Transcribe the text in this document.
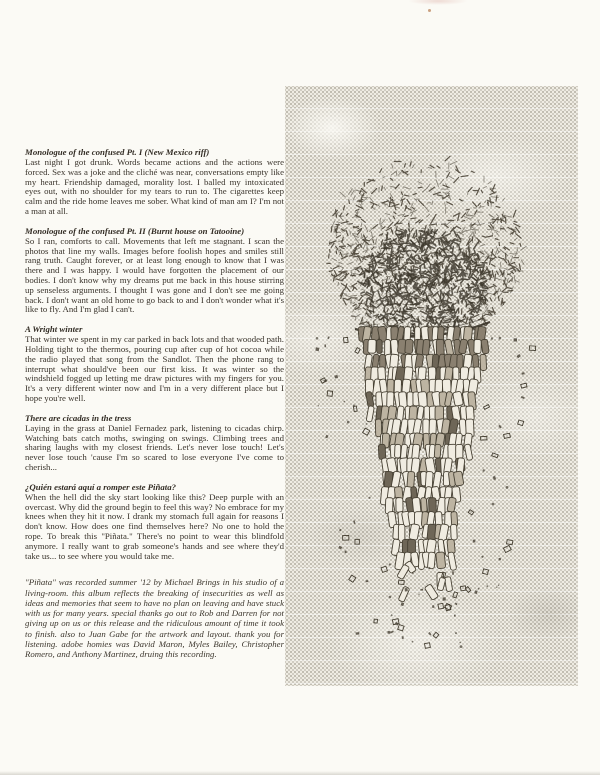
Monologue of the confused Pt. I (New Mexico riff)

Last night I got drunk. Words became actions and the actions were forced. Sex was a joke and the cliché was near, conversations empty like my heart. Friendship damaged, morality lost. I balled my intoxicated eyes out, with no shoulder for my tears to run to. The cigarettes keep calm and the ride home leaves me sober. What kind of man am I? I'm not a man at all.

Monologue of the confused Pt. II (Burnt house on Tatooine)

So I ran, comforts to call. Movements that left me stagnant. I scan the photos that line my walls. Images before foolish hopes and smiles still rang truth. Caught forever, or at least long enough to know that I was there and I was happy. I would have forgotten the placement of our bodies. I don't know why my dreams put me back in this house stirring up senseless arguments. I thought I was gone and I don't see me going back. I don't want an old home to go back to and I don't wonder what it's like to fly. And I'm glad I can't.

A Wright winter

That winter we spent in my car parked in back lots and that wooded path. Holding tight to the thermos, pouring cup after cup of hot cocoa while the radio played that song from the Sandlot. Then the phone rang to interrupt what should've been our first kiss. It was winter so the windshield fogged up letting me draw pictures with my fingers for you. It's a very different winter now and I'm in a very different place but I hope you're well.

There are cicadas in the tress

Laying in the grass at Daniel Fernadez park, listening to cicadas chirp. Watching bats catch moths, swinging on swings. Climbing trees and sharing laughs with my closest friends. Let's never lose touch! Let's never lose touch 'cause I'm so scared to lose everyone I've come to cherish...

¿Quién estará aquí a romper este Piñata?

When the hell did the sky start looking like this? Deep purple with an overcast. Why did the ground begin to feel this way? No embrace for my knees when they hit it now. I drank my stomach full again for reasons I don't know. How does one find themselves here? No one to hold the rope. To break this "Piñata." There's no point to wear this blindfold anymore. I really want to grab someone's hands and see where they'd take us... to see where you would take me.

"Piñata" was recorded summer '12 by Michael Brings in his studio of a living-room. this album reflects the breaking of insecurities as well as ideas and memories that seem to have no plan on leaving and have stuck with us for many years. special thanks go out to Rob and Darren for not giving up on us or this release and the ridiculous amount of time it took to finish. also to Juan Gabe for the artwork and layout. thank you for listening. adobe homies was David Maron, Myles Bailey, Christopher Romero, and Anthony Martinez, druing this recording.
